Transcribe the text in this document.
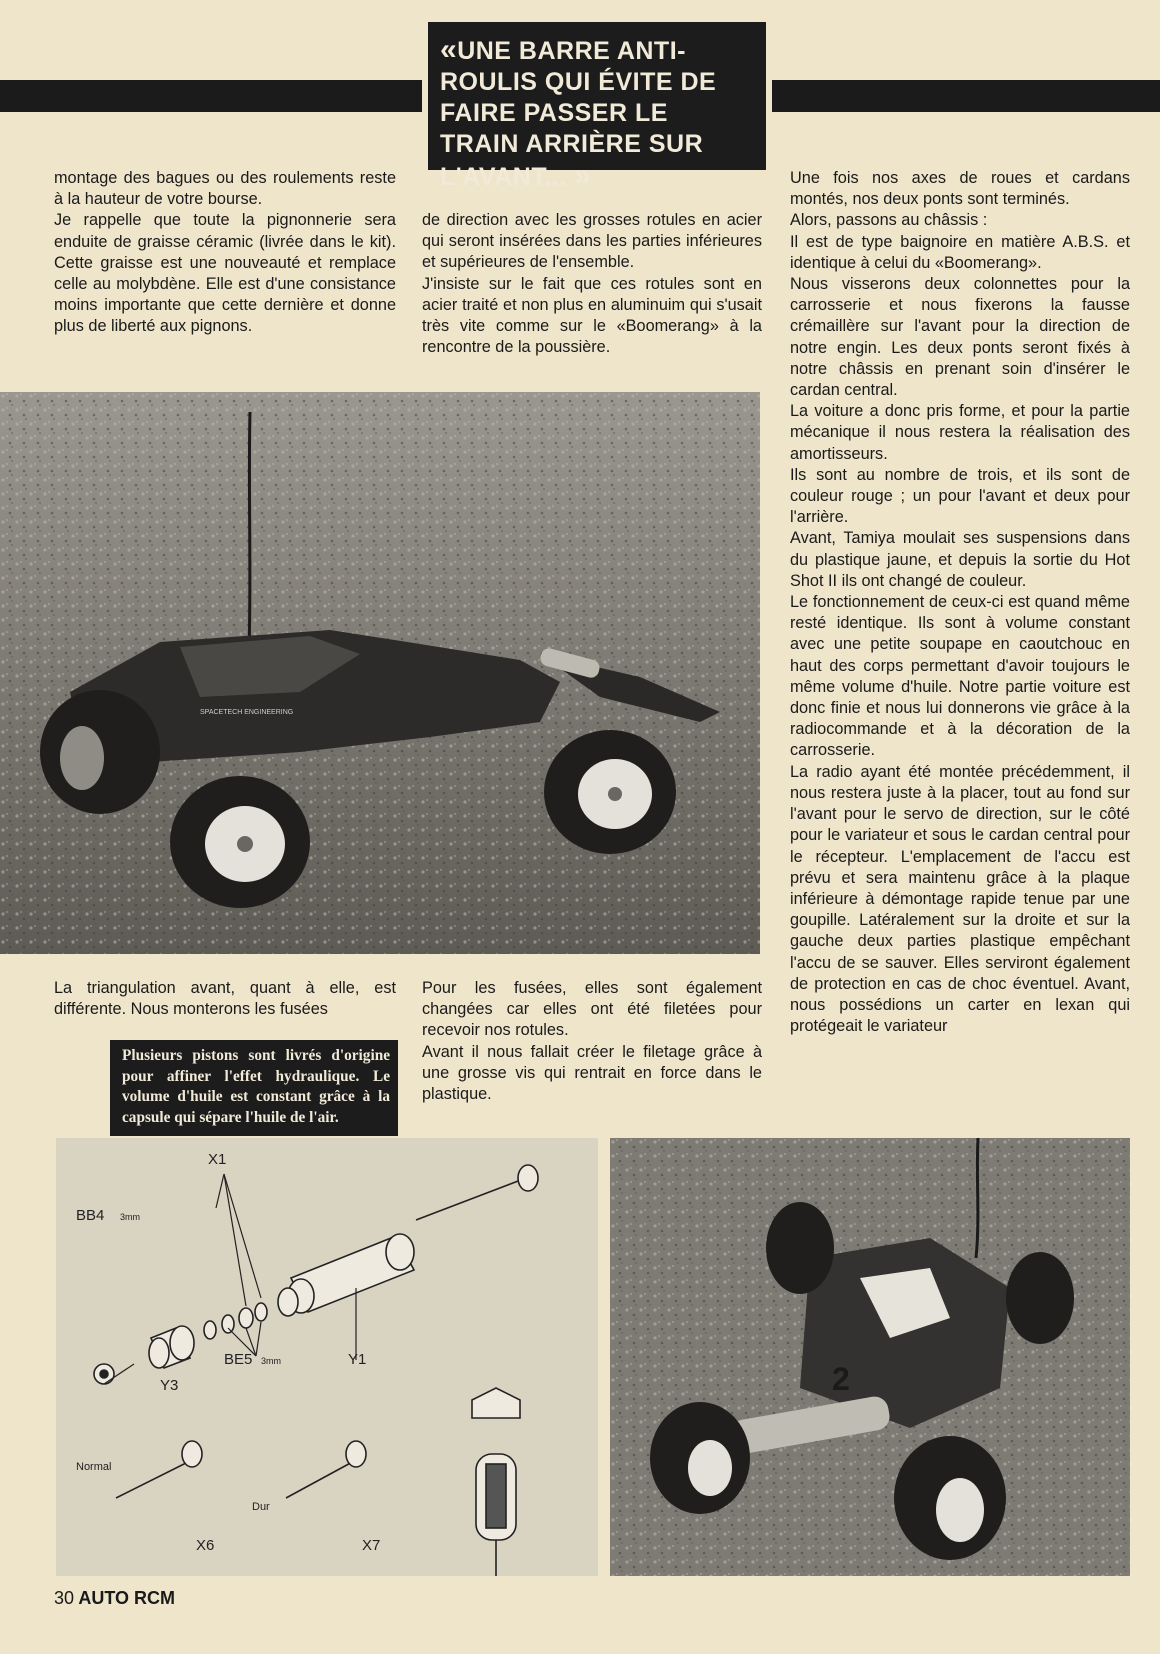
«UNE BARRE ANTI-ROULIS QUI ÉVITE DE FAIRE PASSER LE TRAIN ARRIÈRE SUR L'AVANT... »

montage des bagues ou des roulements reste à la hauteur de votre bourse.

Je rappelle que toute la pignonnerie sera enduite de graisse céramic (livrée dans le kit). Cette graisse est une nouveauté et remplace celle au molybdène. Elle est d'une consistance moins importante que cette dernière et donne plus de liberté aux pignons.

de direction avec les grosses rotules en acier qui seront insérées dans les parties inférieures et supérieures de l'ensemble.

J'insiste sur le fait que ces rotules sont en acier traité et non plus en aluminuim qui s'usait très vite comme sur le «Boomerang» à la rencontre de la poussière.

Une fois nos axes de roues et cardans montés, nos deux ponts sont terminés.

Alors, passons au châssis :

Il est de type baignoire en matière A.B.S. et identique à celui du «Boomerang».

Nous visserons deux colonnettes pour la carrosserie et nous fixerons la fausse crémaillère sur l'avant pour la direction de notre engin. Les deux ponts seront fixés à notre châssis en prenant soin d'insérer le cardan central.

La voiture a donc pris forme, et pour la partie mécanique il nous restera la réalisation des amortisseurs.

Ils sont au nombre de trois, et ils sont de couleur rouge ; un pour l'avant et deux pour l'arrière.

Avant, Tamiya moulait ses suspensions dans du plastique jaune, et depuis la sortie du Hot Shot II ils ont changé de couleur.

Le fonctionnement de ceux-ci est quand même resté identique. Ils sont à volume constant avec une petite soupape en caoutchouc en haut des corps permettant d'avoir toujours le même volume d'huile. Notre partie voiture est donc finie et nous lui donnerons vie grâce à la radiocommande et à la décoration de la carrosserie.

La radio ayant été montée précédemment, il nous restera juste à la placer, tout au fond sur l'avant pour le servo de direction, sur le côté pour le variateur et sous le cardan central pour le récepteur. L'emplacement de l'accu est prévu et sera maintenu grâce à la plaque inférieure à démontage rapide tenue par une goupille. Latéralement sur la droite et sur la gauche deux parties plastique empêchant l'accu de se sauver. Elles serviront également de protection en cas de choc éventuel. Avant, nous possédions un carter en lexan qui protégeait le variateur

SPACETECH ENGINEERING

La triangulation avant, quant à elle, est différente. Nous monterons les fusées

Pour les fusées, elles sont également changées car elles ont été filetées pour recevoir nos rotules.

Avant il nous fallait créer le filetage grâce à une grosse vis qui rentrait en force dans le plastique.

X1
BB4 3mm
BE5 3mm	Y1
Y3
Normal
Dur
X6	X7
Plusieurs pistons sont livrés d'origine pour affiner l'effet hydraulique. Le volume d'huile est constant grâce à la capsule qui sépare l'huile de l'air.
2
30 AUTO RCM
